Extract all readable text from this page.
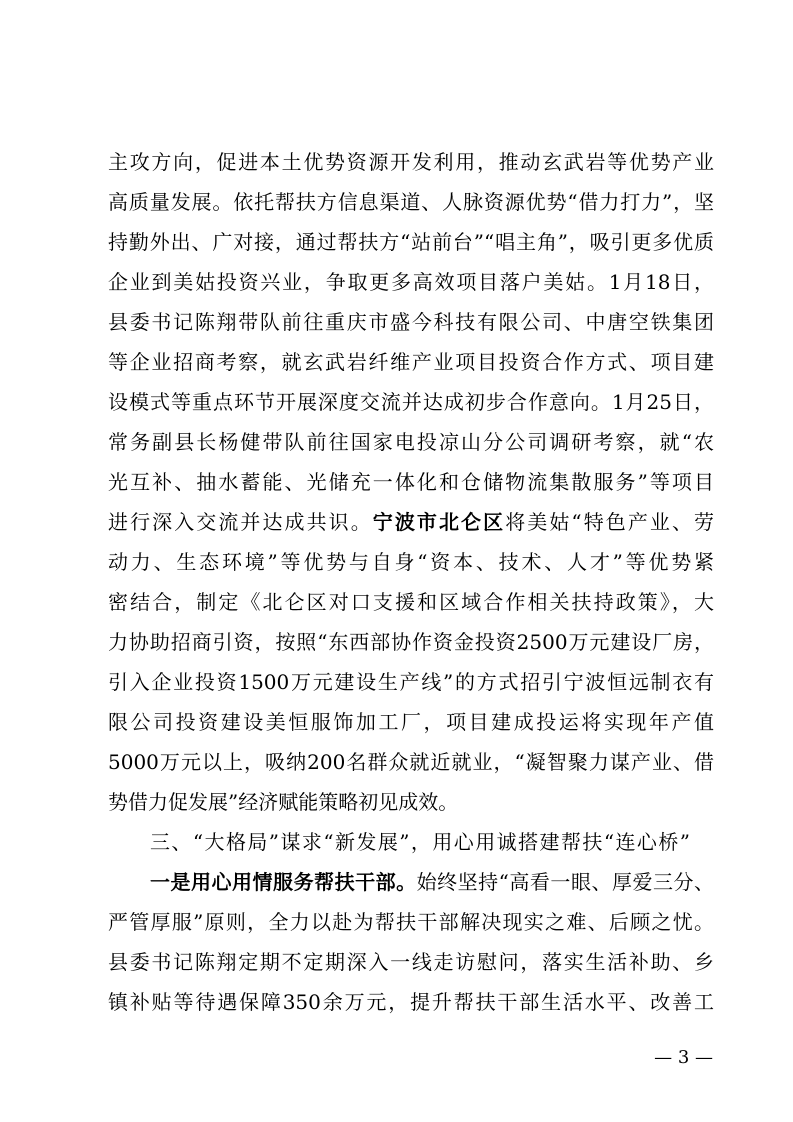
主攻方向，促进本土优势资源开发利用，推动玄武岩等优势产业
高质量发展。依托帮扶方信息渠道、人脉资源优势“借力打力”，坚
持勤外出、广对接，通过帮扶方“站前台”“唱主角”，吸引更多优质
企业到美姑投资兴业，争取更多高效项目落户美姑。1月18日，
县委书记陈翔带队前往重庆市盛今科技有限公司、中唐空铁集团
等企业招商考察，就玄武岩纤维产业项目投资合作方式、项目建
设模式等重点环节开展深度交流并达成初步合作意向。1月25日，
常务副县长杨健带队前往国家电投凉山分公司调研考察，就“农
光互补、抽水蓄能、光储充一体化和仓储物流集散服务”等项目
进行深入交流并达成共识。宁波市北仑区将美姑“特色产业、劳
动力、生态环境”等优势与自身“资本、技术、人才”等优势紧
密结合，制定《北仑区对口支援和区域合作相关扶持政策》，大
力协助招商引资，按照“东西部协作资金投资2500万元建设厂房，
引入企业投资1500万元建设生产线”的方式招引宁波恒远制衣有
限公司投资建设美恒服饰加工厂，项目建成投运将实现年产值
5000万元以上，吸纳200名群众就近就业，“凝智聚力谋产业、借
势借力促发展”经济赋能策略初见成效。
三、“大格局”谋求“新发展”，用心用诚搭建帮扶“连心桥”
一是用心用情服务帮扶干部。始终坚持“高看一眼、厚爱三分、
严管厚服”原则，全力以赴为帮扶干部解决现实之难、后顾之忧。
县委书记陈翔定期不定期深入一线走访慰问，落实生活补助、乡
镇补贴等待遇保障350余万元，提升帮扶干部生活水平、改善工
— 3 —
